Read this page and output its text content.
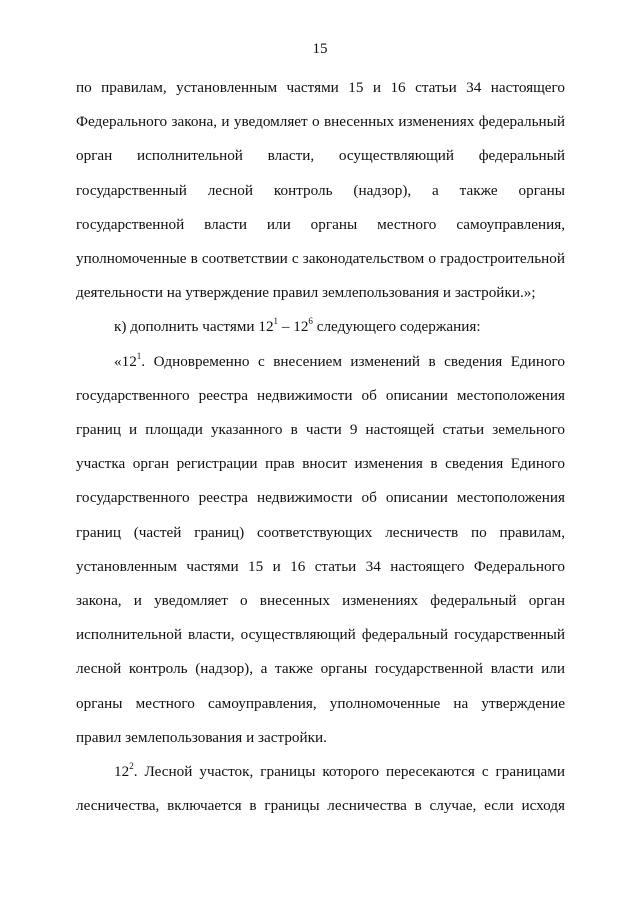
15
по правилам, установленным частями 15 и 16 статьи 34 настоящего
Федерального закона, и уведомляет о внесенных изменениях федеральный
орган исполнительной власти, осуществляющий федеральный
государственный лесной контроль (надзор), а также органы
государственной власти или органы местного самоуправления,
уполномоченные в соответствии с законодательством о градостроительной
деятельности на утверждение правил землепользования и застройки.»;
к) дополнить частями $12^1 - 12^6$ следующего содержания:
«$12^1$. Одновременно с внесением изменений в сведения Единого
государственного реестра недвижимости об описании местоположения
границ и площади указанного в части 9 настоящей статьи земельного
участка орган регистрации прав вносит изменения в сведения Единого
государственного реестра недвижимости об описании местоположения
границ (частей границ) соответствующих лесничеств по правилам,
установленным частями 15 и 16 статьи 34 настоящего Федерального
закона, и уведомляет о внесенных изменениях федеральный орган
исполнительной власти, осуществляющий федеральный государственный
лесной контроль (надзор), а также органы государственной власти или
органы местного самоуправления, уполномоченные на утверждение
правил землепользования и застройки.
$12^2$. Лесной участок, границы которого пересекаются с границами
лесничества, включается в границы лесничества в случае, если исходя
